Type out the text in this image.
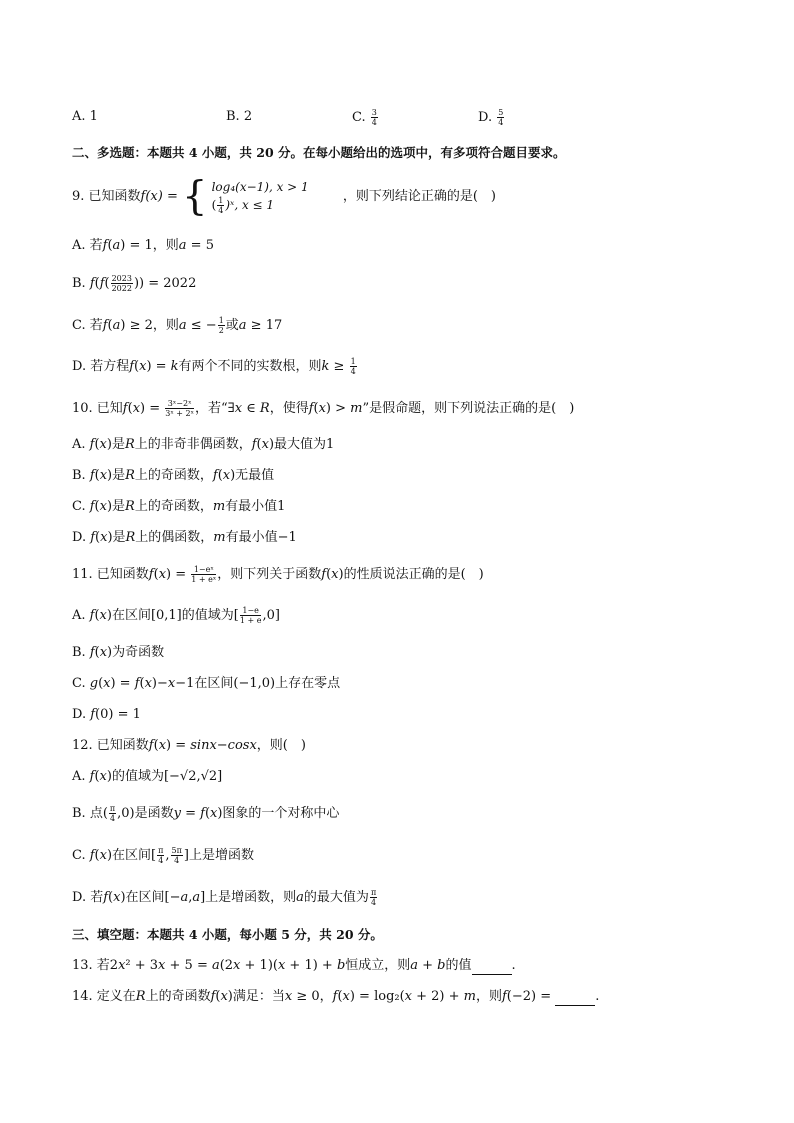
A. 1	B. 2	C. $\frac{3}{4}$	D. $\frac{5}{4}$
二、多选题：本题共 4 小题，共 20 分。在每小题给出的选项中，有多项符合题目要求。
9. 已知函数f(x) = { log₄(x−1), x > 1
( $\frac{1}{4}$ )ˣ, x ≤ 1
，则下列结论正确的是(　)
A. 若𝑓(𝑎) = 1，则𝑎 = 5
B. 𝑓(𝑓( $\frac{2023}{2022}$ )) = 2022
C. 若𝑓(𝑎) ≥ 2，则𝑎 ≤ − $\frac{1}{2}$ 或𝑎 ≥ 17
D. 若方程𝑓(𝑥) = 𝑘有两个不同的实数根，则𝑘 ≥ $\frac{1}{4}$
10. 已知𝑓(𝑥) = $\frac{\text{3ˣ−2ˣ}}{\text{3ˣ + 2ˣ}}$ ，若“∃𝑥 ∈ 𝑅，使得𝑓(𝑥) > 𝑚”是假命题，则下列说法正确的是(　)
A. 𝑓(𝑥)是𝑅上的非奇非偶函数，𝑓(𝑥)最大值为1
B. 𝑓(𝑥)是𝑅上的奇函数，𝑓(𝑥)无最值
C. 𝑓(𝑥)是𝑅上的奇函数，𝑚有最小值1
D. 𝑓(𝑥)是𝑅上的偶函数，𝑚有最小值−1
11. 已知函数𝑓(𝑥) = $\frac{\text{1−eˣ}}{\text{1 + eˣ}}$ ，则下列关于函数𝑓(𝑥)的性质说法正确的是(　)
A. 𝑓(𝑥)在区间[0,1]的值域为[ $\frac{1-e}{1 + e} ,0$]
B. 𝑓(𝑥)为奇函数
C. 𝑔(𝑥) = 𝑓(𝑥)−𝑥−1在区间(−1,0)上存在零点
D. 𝑓(0) = 1
12. 已知函数𝑓(𝑥) = 𝑠𝑖𝑛𝑥−𝑐𝑜𝑠𝑥，则(　)
A. 𝑓(𝑥)的值域为[−√2,√2]
B. 点( $\frac{\pi}{4} ,0$)是函数𝑦 = 𝑓(𝑥)图象的一个对称中心
C. 𝑓(𝑥)在区间[ $\frac{\pi}{4}$ , $\frac{5\pi}{4}$ ]上是增函数
D. 若𝑓(𝑥)在区间[−𝑎,𝑎]上是增函数，则𝑎的最大值为 $\frac{\pi}{4}$
三、填空题：本题共 4 小题，每小题 5 分，共 20 分。
13. 若2𝑥² + 3𝑥 + 5 = 𝑎(2𝑥 + 1)(𝑥 + 1) + 𝑏恒成立，则𝑎 + 𝑏的值	.
14. 定义在𝑅上的奇函数𝑓(𝑥)满足：当𝑥 ≥ 0，𝑓(𝑥) = log₂(𝑥 + 2) + 𝑚，则𝑓(−2) =	.
